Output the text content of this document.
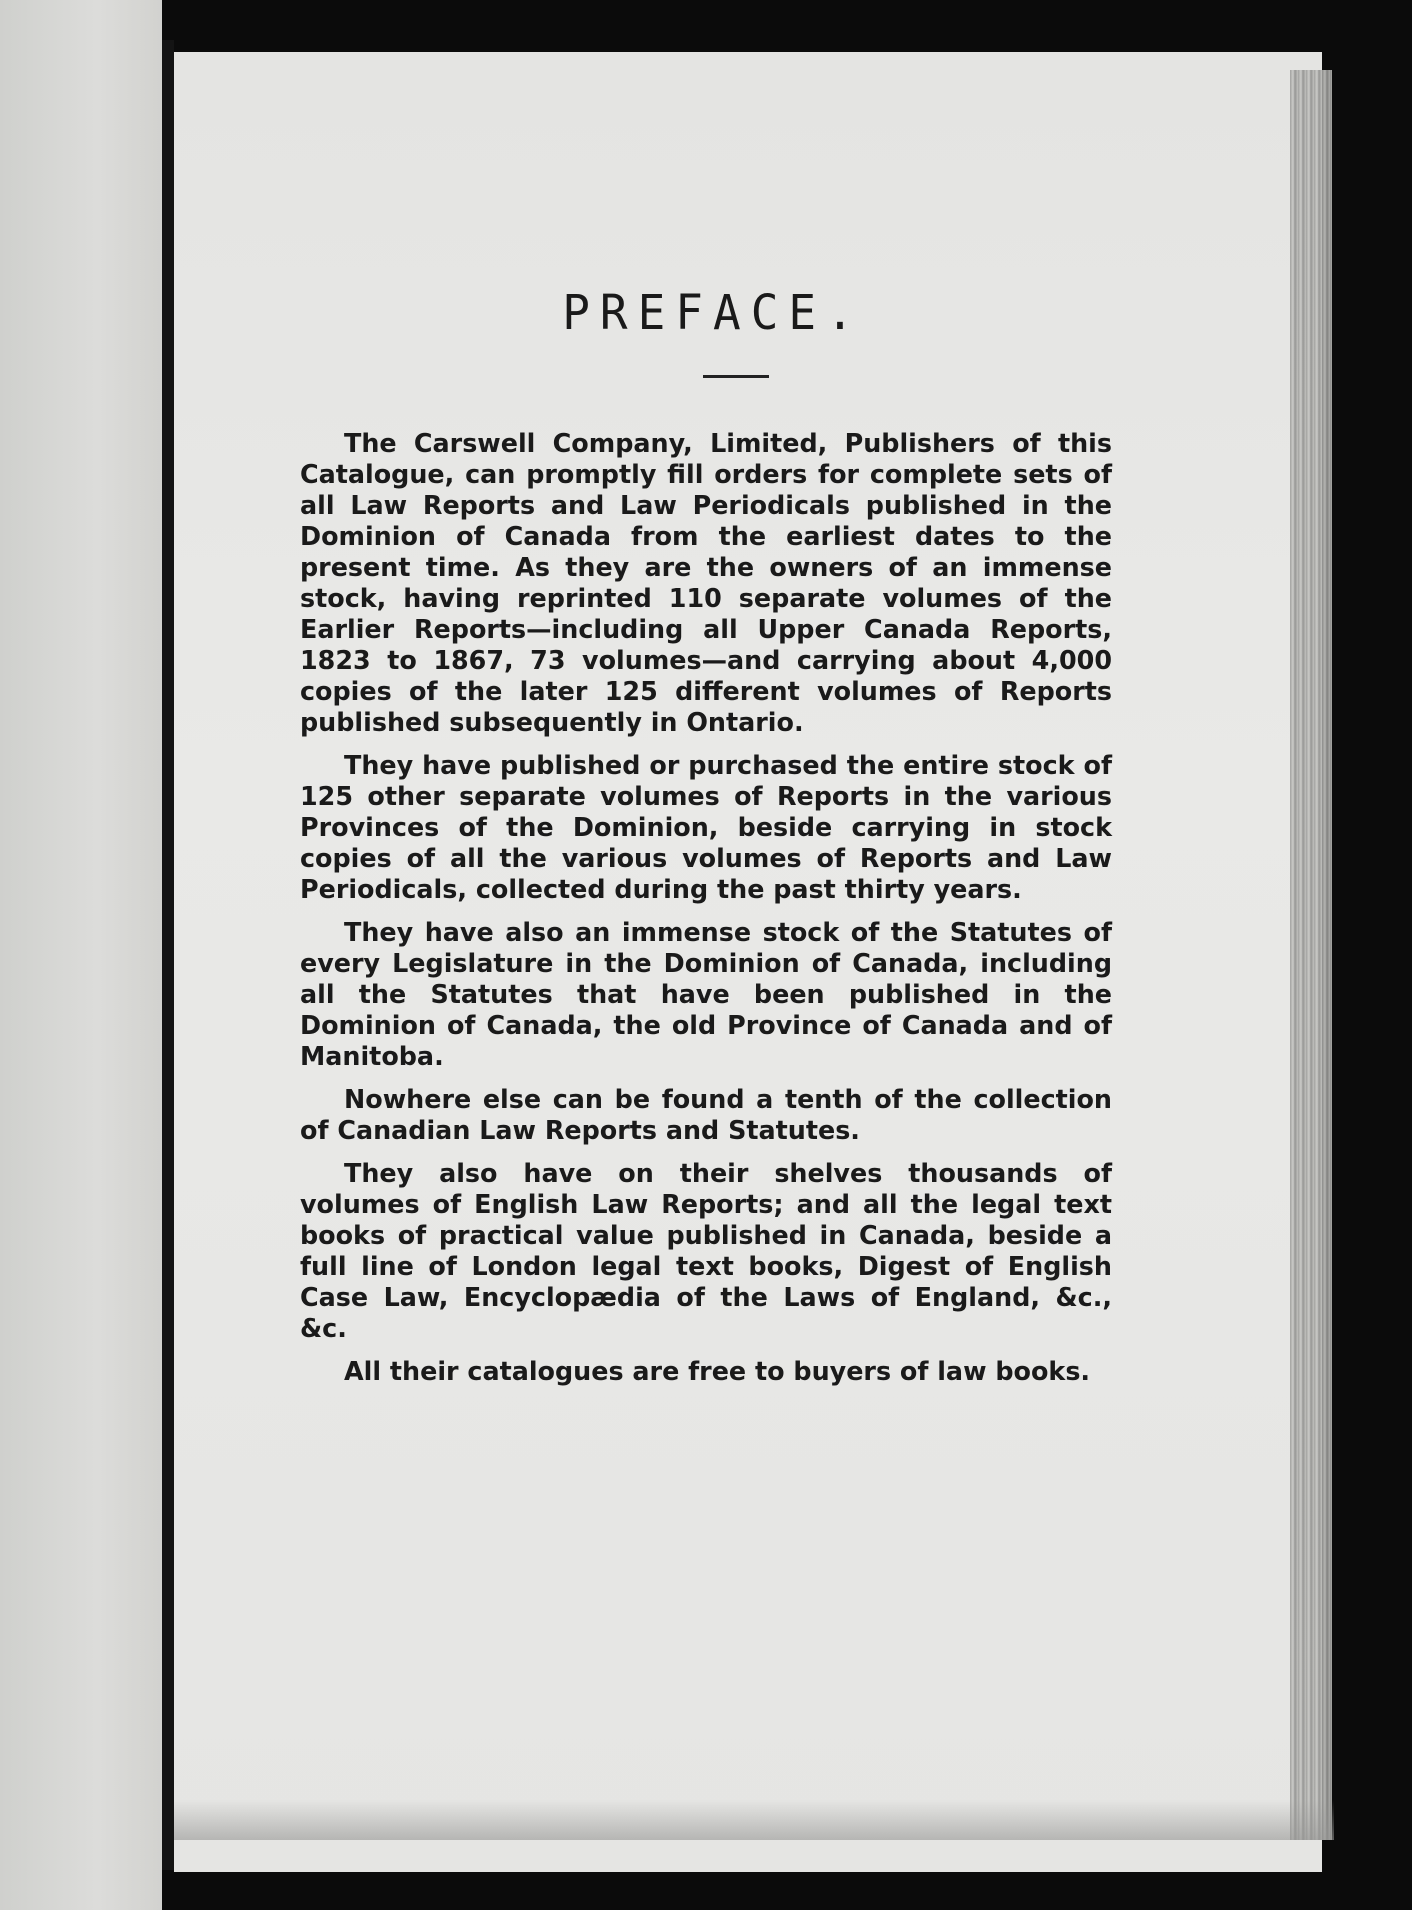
PREFACE.

The Carswell Company, Limited, Publishers of this Catalogue, can promptly fill orders for complete sets of all Law Reports and Law Periodicals published in the Dominion of Canada from the earliest dates to the present time. As they are the owners of an immense stock, having reprinted 110 separate volumes of the Earlier Reports—including all Upper Canada Reports, 1823 to 1867, 73 volumes—and carrying about 4,000 copies of the later 125 different volumes of Reports published subsequently in Ontario.

They have published or purchased the entire stock of 125 other separate volumes of Reports in the various Provinces of the Dominion, beside carrying in stock copies of all the various volumes of Reports and Law Periodicals, collected during the past thirty years.

They have also an immense stock of the Statutes of every Legislature in the Dominion of Canada, including all the Statutes that have been published in the Dominion of Canada, the old Province of Canada and of Manitoba.

Nowhere else can be found a tenth of the collection of Canadian Law Reports and Statutes.

They also have on their shelves thousands of volumes of English Law Reports; and all the legal text books of practical value published in Canada, beside a full line of London legal text books, Digest of English Case Law, Encyclopædia of the Laws of England, &c., &c.

All their catalogues are free to buyers of law books.
